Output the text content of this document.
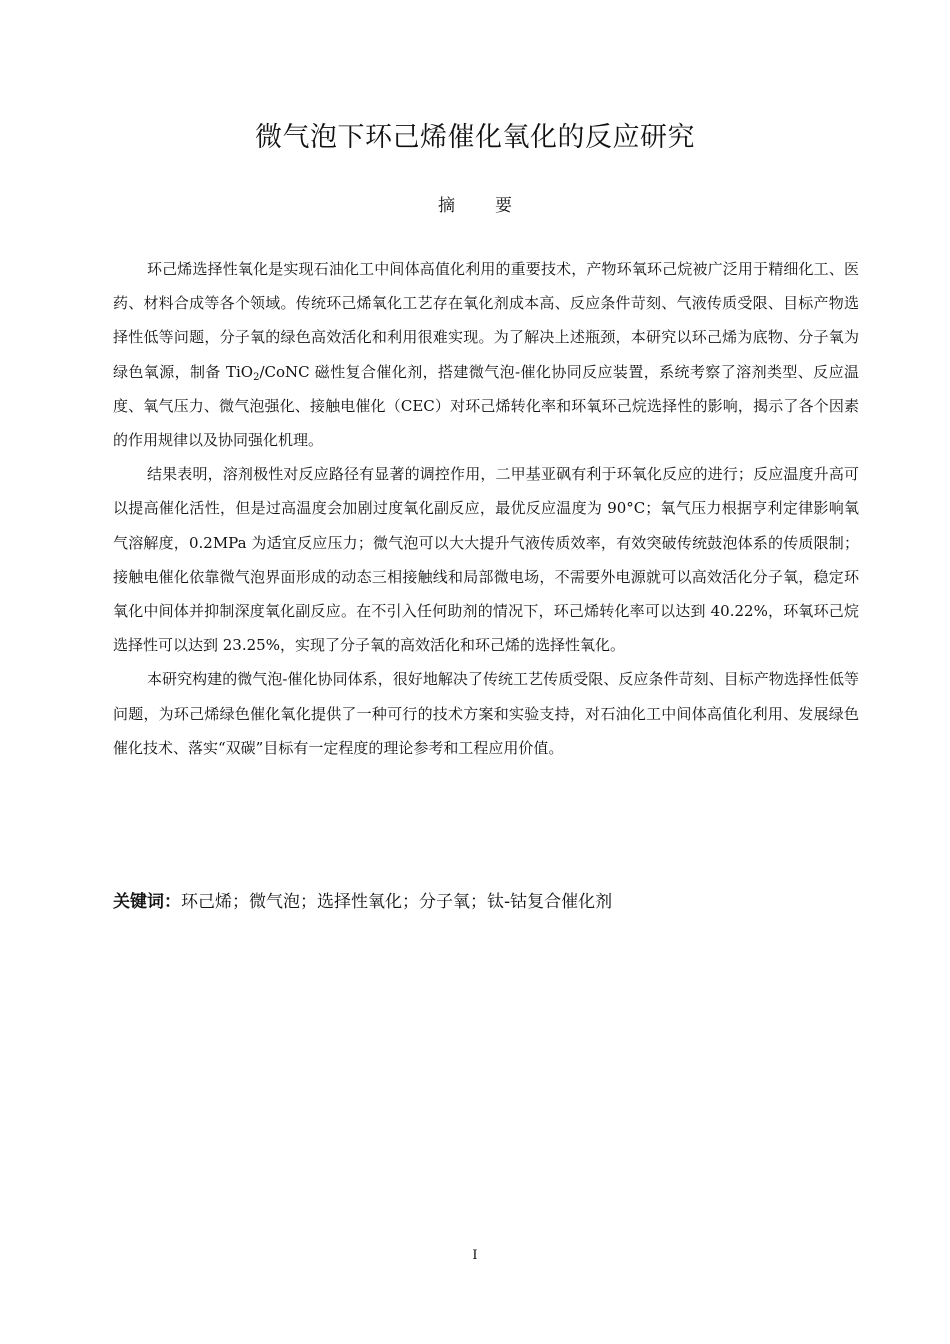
微气泡下环己烯催化氧化的反应研究
摘要

环己烯选择性氧化是实现石油化工中间体高值化利用的重要技术，产物环氧环己烷被广泛用于精细化工、医药、材料合成等各个领域。传统环己烯氧化工艺存在氧化剂成本高、反应条件苛刻、气液传质受限、目标产物选择性低等问题，分子氧的绿色高效活化和利用很难实现。为了解决上述瓶颈，本研究以环己烯为底物、分子氧为绿色氧源，制备 TiO$_2$/CoNC 磁性复合催化剂，搭建微气泡-催化协同反应装置，系统考察了溶剂类型、反应温度、氧气压力、微气泡强化、接触电催化（CEC）对环己烯转化率和环氧环己烷选择性的影响，揭示了各个因素的作用规律以及协同强化机理。

结果表明，溶剂极性对反应路径有显著的调控作用，二甲基亚砜有利于环氧化反应的进行；反应温度升高可以提高催化活性，但是过高温度会加剧过度氧化副反应，最优反应温度为 90°C；氧气压力根据亨利定律影响氧气溶解度，0.2MPa 为适宜反应压力；微气泡可以大大提升气液传质效率，有效突破传统鼓泡体系的传质限制；接触电催化依靠微气泡界面形成的动态三相接触线和局部微电场，不需要外电源就可以高效活化分子氧，稳定环氧化中间体并抑制深度氧化副反应。在不引入任何助剂的情况下，环己烯转化率可以达到 40.22%，环氧环己烷选择性可以达到 23.25%，实现了分子氧的高效活化和环己烯的选择性氧化。

本研究构建的微气泡-催化协同体系，很好地解决了传统工艺传质受限、反应条件苛刻、目标产物选择性低等问题，为环己烯绿色催化氧化提供了一种可行的技术方案和实验支持，对石油化工中间体高值化利用、发展绿色催化技术、落实“双碳”目标有一定程度的理论参考和工程应用价值。

关键词：环己烯；微气泡；选择性氧化；分子氧；钛-钴复合催化剂
I
